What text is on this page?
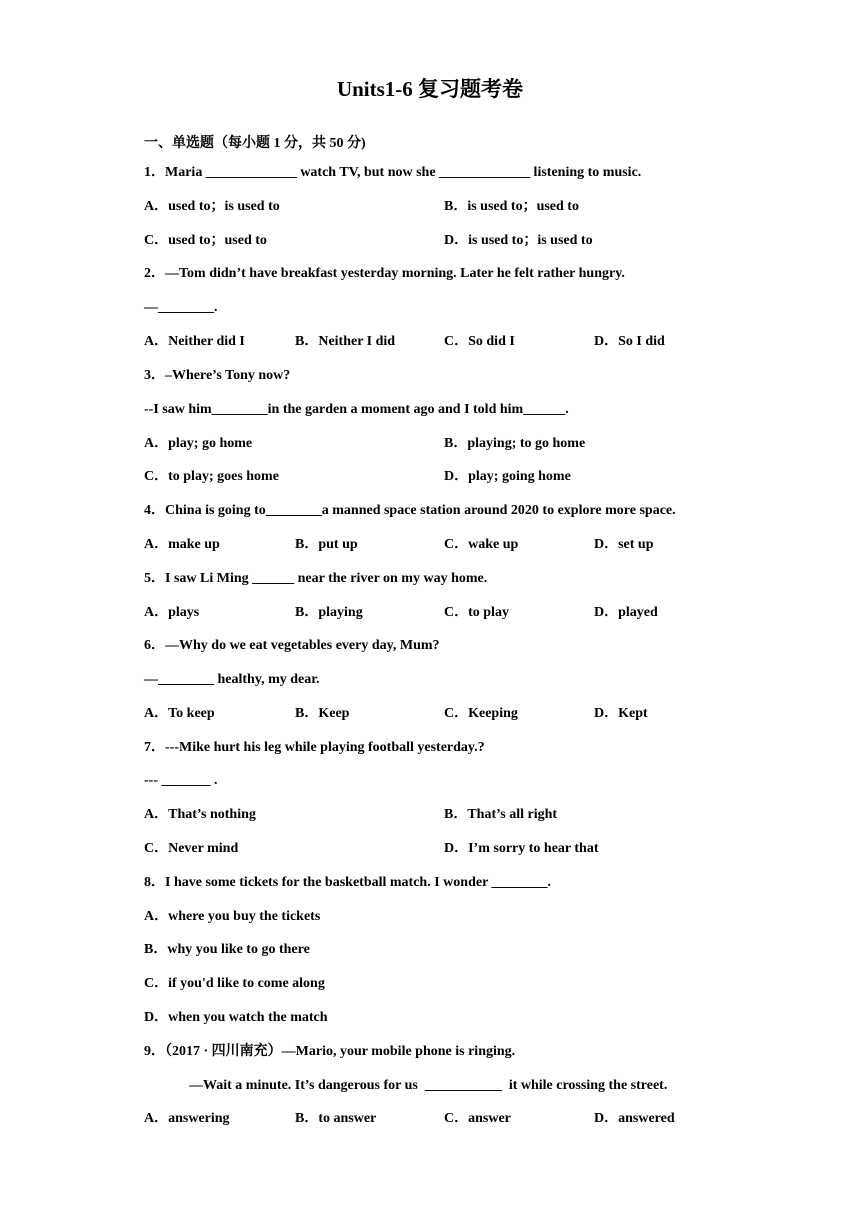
Units1-6 复习题考卷
一、单选题（每小题 1 分，共 50 分)
1．Maria _____________ watch TV, but now she _____________ listening to music.
A．used to；is used to	B．is used to；used to
C．used to；used to	D．is used to；is used to
2．—Tom didn’t have breakfast yesterday morning. Later he felt rather hungry.
—________.
A．Neither did I	B．Neither I did	C．So did I	D．So I did
3．–Where’s Tony now?
--I saw him________in the garden a moment ago and I told him______.
A．play; go home	B．playing; to go home
C．to play; goes home	D．play; going home
4．China is going to________a manned space station around 2020 to explore more space.
A．make up	B．put up	C．wake up	D．set up
5．I saw Li Ming ______ near the river on my way home.
A．plays	B．playing	C．to play	D．played
6．—Why do we eat vegetables every day, Mum?
—________ healthy, my dear.
A．To keep	B．Keep	C．Keeping	D．Kept
7．---Mike hurt his leg while playing football yesterday.?
--- _______ .
A．That’s nothing	B．That’s all right
C．Never mind	D．I’m sorry to hear that
8．I have some tickets for the basketball match. I wonder ________.
A．where you buy the tickets
B．why you like to go there
C．if you'd like to come along
D．when you watch the match
9．（2017 · 四川南充）—Mario, your mobile phone is ringing.
—Wait a minute. It’s dangerous for us  ___________  it while crossing the street.
A．answering	B．to answer	C．answer	D．answered
